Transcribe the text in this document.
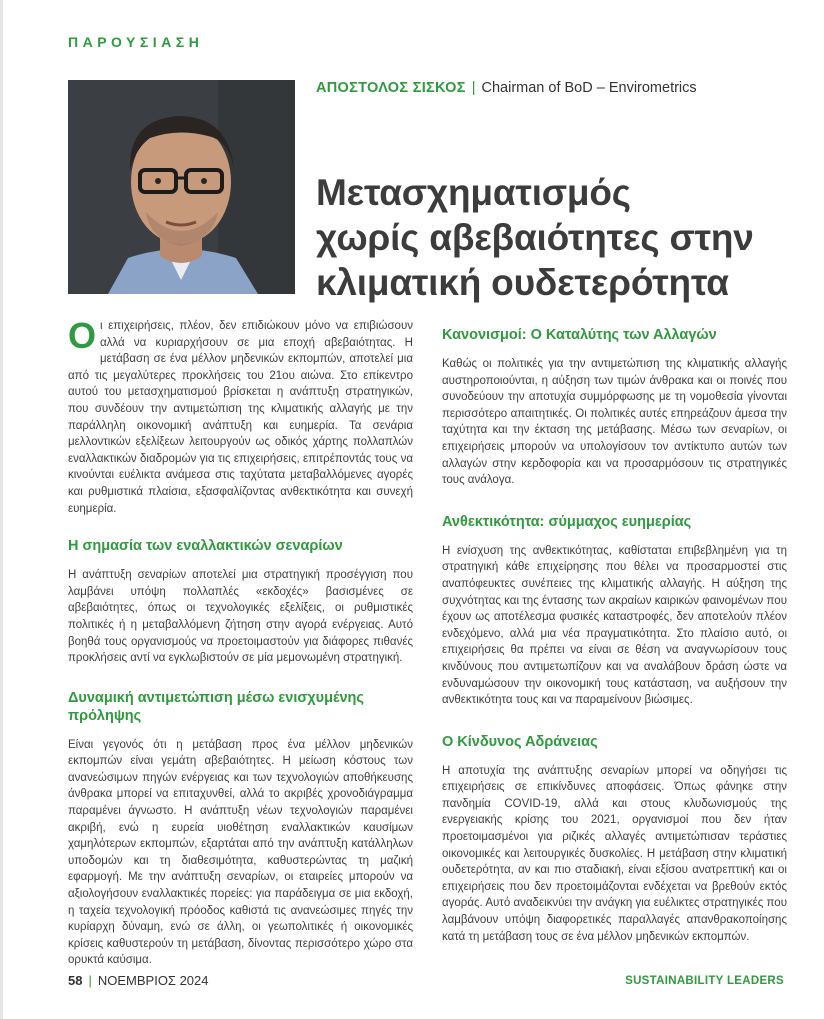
ΠΑΡΟΥΣΙΑΣΗ
ΑΠΟΣΤΟΛΟΣ ΣΙΣΚΟΣ | Chairman of BoD – Envirometrics
Μετασχηματισμός
χωρίς αβεβαιότητες στην
κλιματική ουδετερότητα

Οι επιχειρήσεις, πλέον, δεν επιδιώκουν μόνο να επιβιώσουν αλλά να κυριαρχήσουν σε μια εποχή αβεβαιότητας. Η μετάβαση σε ένα μέλλον μηδενικών εκπομπών, αποτελεί μια από τις μεγαλύτερες προκλήσεις του 21ου αιώνα. Στο επίκεντρο αυτού του μετασχηματισμού βρίσκεται η ανάπτυξη στρατηγικών, που συνδέουν την αντιμετώπιση της κλιματικής αλλαγής με την παράλληλη οικονομική ανάπτυξη και ευημερία. Τα σενάρια μελλοντικών εξελίξεων λειτουργούν ως οδικός χάρτης πολλαπλών εναλλακτικών διαδρομών για τις επιχειρήσεις, επιτρέποντάς τους να κινούνται ευέλικτα ανάμεσα στις ταχύτατα μεταβαλλόμενες αγορές και ρυθμιστικά πλαίσια, εξασφαλίζοντας ανθεκτικότητα και συνεχή ευημερία.

Η σημασία των εναλλακτικών σεναρίων

Η ανάπτυξη σεναρίων αποτελεί μια στρατηγική προσέγγιση που λαμβάνει υπόψη πολλαπλές «εκδοχές» βασισμένες σε αβεβαιότητες, όπως οι τεχνολογικές εξελίξεις, οι ρυθμιστικές πολιτικές ή η μεταβαλλόμενη ζήτηση στην αγορά ενέργειας. Αυτό βοηθά τους οργανισμούς να προετοιμαστούν για διάφορες πιθανές προκλήσεις αντί να εγκλωβιστούν σε μία μεμονωμένη στρατηγική.

Δυναμική αντιμετώπιση μέσω ενισχυμένης πρόληψης

Είναι γεγονός ότι η μετάβαση προς ένα μέλλον μηδενικών εκπομπών είναι γεμάτη αβεβαιότητες. Η μείωση κόστους των ανανεώσιμων πηγών ενέργειας και των τεχνολογιών αποθήκευσης άνθρακα μπορεί να επιταχυνθεί, αλλά το ακριβές χρονοδιάγραμμα παραμένει άγνωστο. Η ανάπτυξη νέων τεχνολογιών παραμένει ακριβή, ενώ η ευρεία υιοθέτηση εναλλακτικών καυσίμων χαμηλότερων εκπομπών, εξαρτάται από την ανάπτυξη κατάλληλων υποδομών και τη διαθεσιμότητα, καθυστερώντας τη μαζική εφαρμογή. Με την ανάπτυξη σεναρίων, οι εταιρείες μπορούν να αξιολογήσουν εναλλακτικές πορείες: για παράδειγμα σε μια εκδοχή, η ταχεία τεχνολογική πρόοδος καθιστά τις ανανεώσιμες πηγές την κυρίαρχη δύναμη, ενώ σε άλλη, οι γεωπολιτικές ή οικονομικές κρίσεις καθυστερούν τη μετάβαση, δίνοντας περισσότερο χώρο στα ορυκτά καύσιμα.

Κανονισμοί: Ο Καταλύτης των Αλλαγών

Καθώς οι πολιτικές για την αντιμετώπιση της κλιματικής αλλαγής αυστηροποιούνται, η αύξηση των τιμών άνθρακα και οι ποινές που συνοδεύουν την αποτυχία συμμόρφωσης με τη νομοθεσία γίνονται περισσότερο απαιτητικές. Οι πολιτικές αυτές επηρεάζουν άμεσα την ταχύτητα και την έκταση της μετάβασης. Μέσω των σεναρίων, οι επιχειρήσεις μπορούν να υπολογίσουν τον αντίκτυπο αυτών των αλλαγών στην κερδοφορία και να προσαρμόσουν τις στρατηγικές τους ανάλογα.

Ανθεκτικότητα: σύμμαχος ευημερίας

Η ενίσχυση της ανθεκτικότητας, καθίσταται επιβεβλημένη για τη στρατηγική κάθε επιχείρησης που θέλει να προσαρμοστεί στις αναπόφευκτες συνέπειες της κλιματικής αλλαγής. Η αύξηση της συχνότητας και της έντασης των ακραίων καιρικών φαινομένων που έχουν ως αποτέλεσμα φυσικές καταστροφές, δεν αποτελούν πλέον ενδεχόμενο, αλλά μια νέα πραγματικότητα. Στο πλαίσιο αυτό, οι επιχειρήσεις θα πρέπει να είναι σε θέση να αναγνωρίσουν τους κινδύνους που αντιμετωπίζουν και να αναλάβουν δράση ώστε να ενδυναμώσουν την οικονομική τους κατάσταση, να αυξήσουν την ανθεκτικότητα τους και να παραμείνουν βιώσιμες.

Ο Κίνδυνος Αδράνειας

Η αποτυχία της ανάπτυξης σεναρίων μπορεί να οδηγήσει τις επιχειρήσεις σε επικίνδυνες αποφάσεις. Όπως φάνηκε στην πανδημία COVID-19, αλλά και στους κλυδωνισμούς της ενεργειακής κρίσης του 2021, οργανισμοί που δεν ήταν προετοιμασμένοι για ριζικές αλλαγές αντιμετώπισαν τεράστιες οικονομικές και λειτουργικές δυσκολίες. Η μετάβαση στην κλιματική ουδετερότητα, αν και πιο σταδιακή, είναι εξίσου ανατρεπτική και οι επιχειρήσεις που δεν προετοιμάζονται ενδέχεται να βρεθούν εκτός αγοράς. Αυτό αναδεικνύει την ανάγκη για ευέλικτες στρατηγικές που λαμβάνουν υπόψη διαφορετικές παραλλαγές απανθρακοποίησης κατά τη μετάβαση τους σε ένα μέλλον μηδενικών εκπομπών.

58 | ΝΟΕΜΒΡΙΟΣ 2024	SUSTAINABILITY LEADERS
